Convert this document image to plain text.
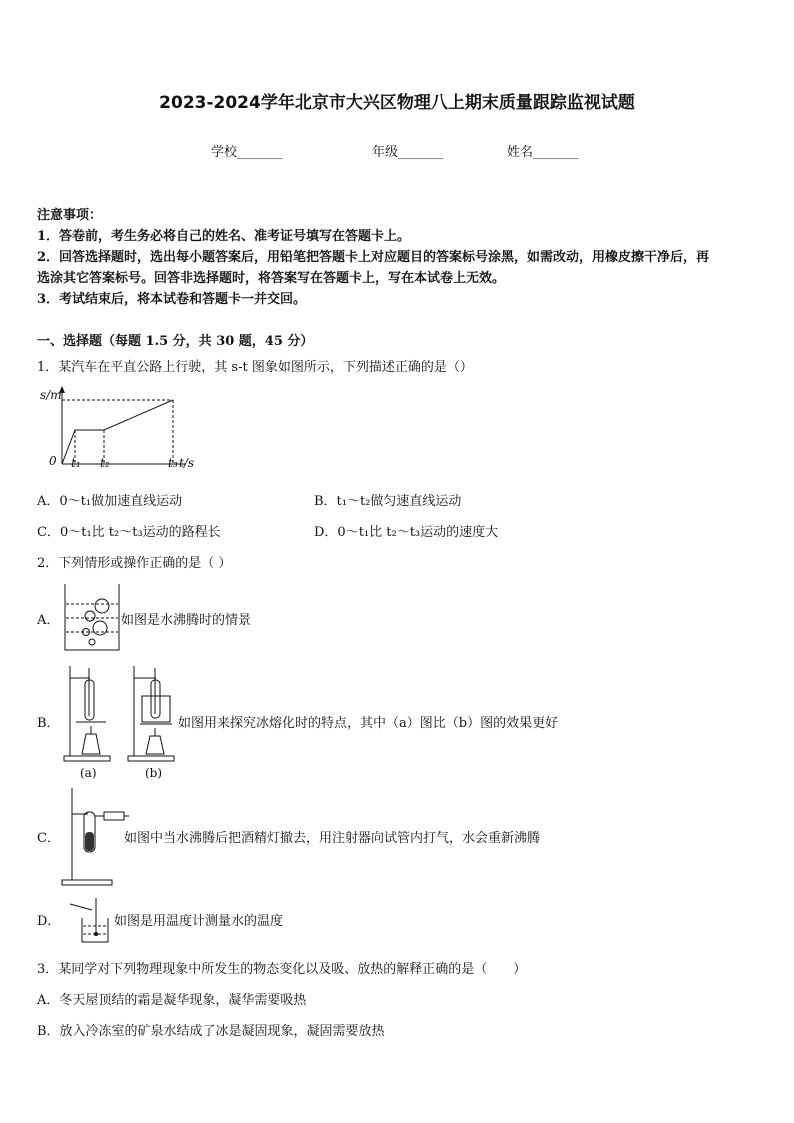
2023-2024学年北京市大兴区物理八上期末质量跟踪监视试题
学校_______	年级_______	姓名_______
注意事项：
1．答卷前，考生务必将自己的姓名、准考证号填写在答题卡上。
2．回答选择题时，选出每小题答案后，用铅笔把答题卡上对应题目的答案标号涂黑，如需改动，用橡皮擦干净后，再
选涂其它答案标号。回答非选择题时，将答案写在答题卡上，写在本试卷上无效。
3．考试结束后，将本试卷和答题卡一并交回。
一、选择题（每题 1.5 分，共 30 题，45 分）
1．某汽车在平直公路上行驶，其 s-t 图象如图所示，下列描述正确的是（）
s/m
0 t₁ t₂	t₃ t/s
A．0～t₁做加速直线运动	B．t₁～t₂做匀速直线运动
C．0～t₁比 t₂～t₃运动的路程长	D．0～t₁比 t₂～t₃运动的速度大
2．下列情形或操作正确的是（ ）
A．	如图是水沸腾时的情景
B．
(a)	(b)
如图用来探究冰熔化时的特点，其中（a）图比（b）图的效果更好
C．	如图中当水沸腾后把酒精灯撤去，用注射器向试管内打气，水会重新沸腾
D．	如图是用温度计测量水的温度
3．某同学对下列物理现象中所发生的物态变化以及吸、放热的解释正确的是（　　）
A．冬天屋顶结的霜是凝华现象，凝华需要吸热
B．放入冷冻室的矿泉水结成了冰是凝固现象，凝固需要放热
